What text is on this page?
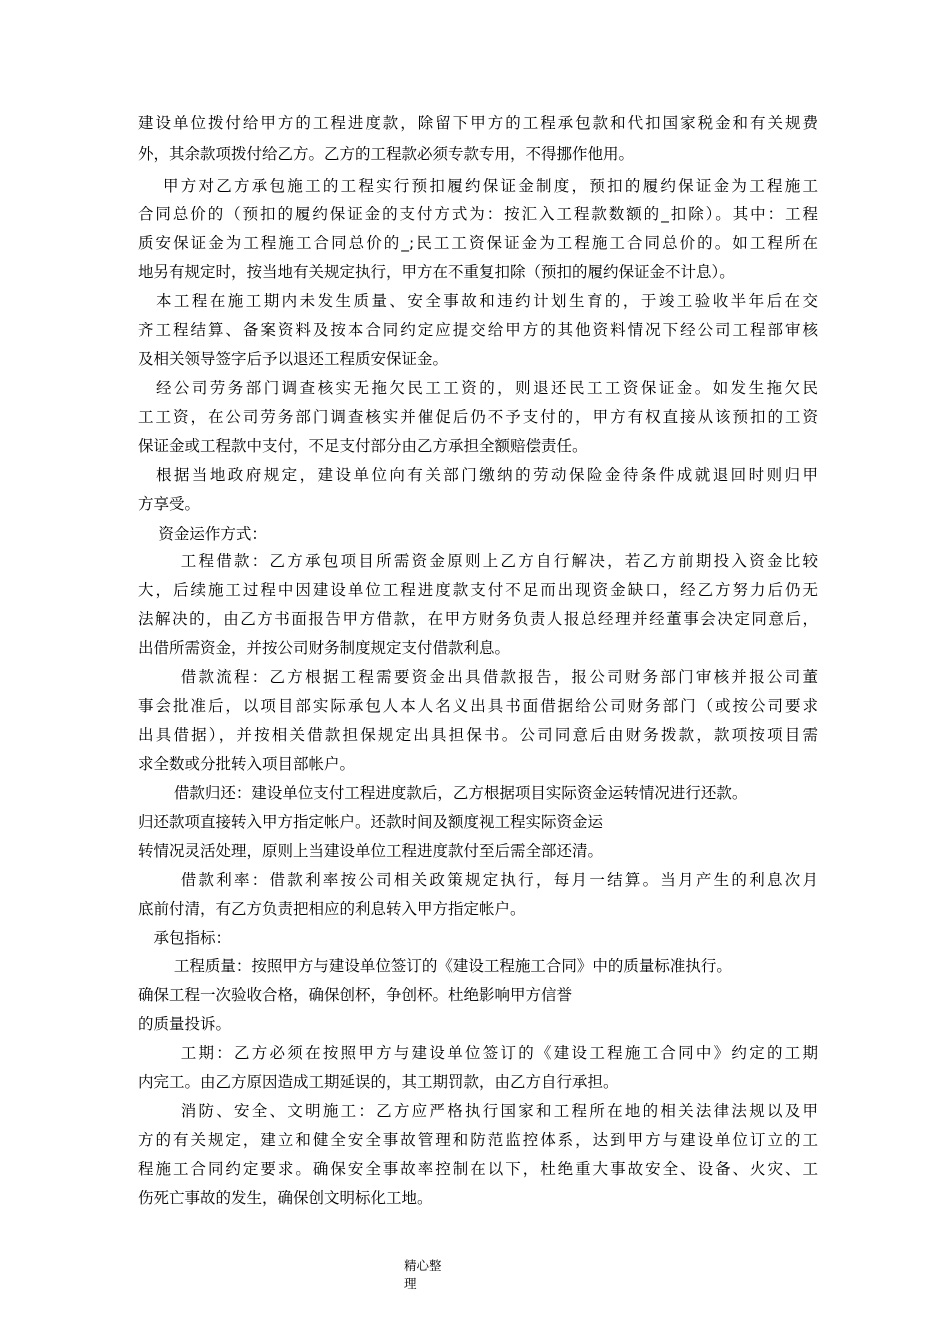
建设单位拨付给甲方的工程进度款，除留下甲方的工程承包款和代扣国家税金和有关规费
外，其余款项拨付给乙方。乙方的工程款必须专款专用，不得挪作他用。
　 甲方对乙方承包施工的工程实行预扣履约保证金制度，预扣的履约保证金为工程施工
合同总价的（预扣的履约保证金的支付方式为：按汇入工程款数额的_扣除）。其中：工程
质安保证金为工程施工合同总价的_;民工工资保证金为工程施工合同总价的。如工程所在
地另有规定时，按当地有关规定执行，甲方在不重复扣除（预扣的履约保证金不计息）。
　本工程在施工期内未发生质量、安全事故和违约计划生育的，于竣工验收半年后在交
齐工程结算、备案资料及按本合同约定应提交给甲方的其他资料情况下经公司工程部审核
及相关领导签字后予以退还工程质安保证金。
　经公司劳务部门调查核实无拖欠民工工资的，则退还民工工资保证金。如发生拖欠民
工工资，在公司劳务部门调查核实并催促后仍不予支付的，甲方有权直接从该预扣的工资
保证金或工程款中支付，不足支付部分由乙方承担全额赔偿责任。
　根据当地政府规定，建设单位向有关部门缴纳的劳动保险金待条件成就退回时则归甲
方享受。
　 资金运作方式：
　　 工程借款：乙方承包项目所需资金原则上乙方自行解决，若乙方前期投入资金比较
大，后续施工过程中因建设单位工程进度款支付不足而出现资金缺口，经乙方努力后仍无
法解决的，由乙方书面报告甲方借款，在甲方财务负责人报总经理并经董事会决定同意后，
出借所需资金，并按公司财务制度规定支付借款利息。
　　 借款流程：乙方根据工程需要资金出具借款报告，报公司财务部门审核并报公司董
事会批准后，以项目部实际承包人本人名义出具书面借据给公司财务部门（或按公司要求
出具借据），并按相关借款担保规定出具担保书。公司同意后由财务拨款，款项按项目需
求全数或分批转入项目部帐户。
　　 借款归还：建设单位支付工程进度款后，乙方根据项目实际资金运转情况进行还款。
归还款项直接转入甲方指定帐户。还款时间及额度视工程实际资金运
转情况灵活处理，原则上当建设单位工程进度款付至后需全部还清。
　　 借款利率：借款利率按公司相关政策规定执行，每月一结算。当月产生的利息次月
底前付清，有乙方负责把相应的利息转入甲方指定帐户。
　承包指标：
　　 工程质量：按照甲方与建设单位签订的《建设工程施工合同》中的质量标准执行。
确保工程一次验收合格，确保创杯，争创杯。杜绝影响甲方信誉
的质量投诉。
　　 工期：乙方必须在按照甲方与建设单位签订的《建设工程施工合同中》约定的工期
内完工。由乙方原因造成工期延误的，其工期罚款，由乙方自行承担。
　　 消防、安全、文明施工：乙方应严格执行国家和工程所在地的相关法律法规以及甲
方的有关规定，建立和健全安全事故管理和防范监控体系，达到甲方与建设单位订立的工
程施工合同约定要求。确保安全事故率控制在以下，杜绝重大事故安全、设备、火灾、工
伤死亡事故的发生，确保创文明标化工地。
精心整
理
